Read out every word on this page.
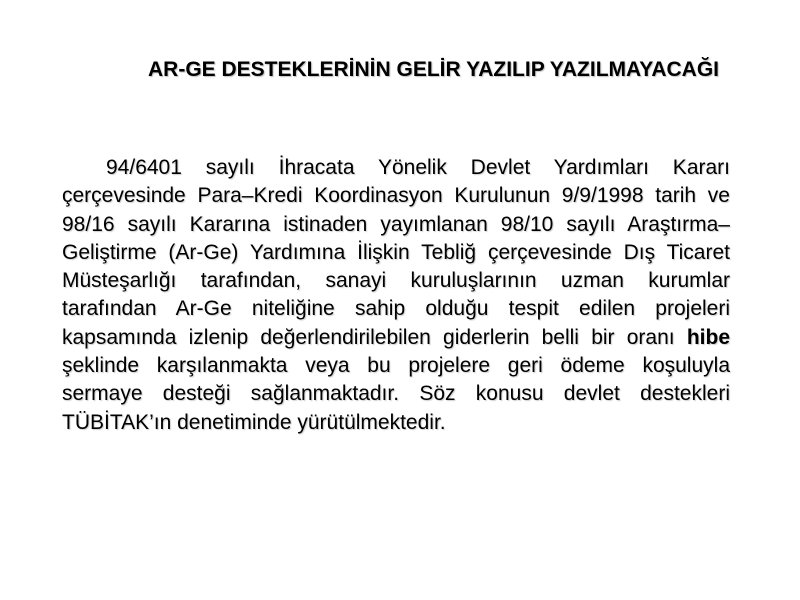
AR-GE DESTEKLERİNİN GELİR YAZILIP YAZILMAYACAĞI

94/6401 sayılı İhracata Yönelik Devlet Yardımları Kararı çerçevesinde Para–Kredi Koordinasyon Kurulunun 9/9/1998 tarih ve 98/16 sayılı Kararına istinaden yayımlanan 98/10 sayılı Araştırma–Geliştirme (Ar-Ge) Yardımına İlişkin Tebliğ çerçevesinde Dış Ticaret Müsteşarlığı tarafından, sanayi kuruluşlarının uzman kurumlar tarafından Ar-Ge niteliğine sahip olduğu tespit edilen projeleri kapsamında izlenip değerlendirilebilen giderlerin belli bir oranı hibe şeklinde karşılanmakta veya bu projelere geri ödeme koşuluyla sermaye desteği sağlanmaktadır. Söz konusu devlet destekleri TÜBİTAK’ın denetiminde yürütülmektedir.
